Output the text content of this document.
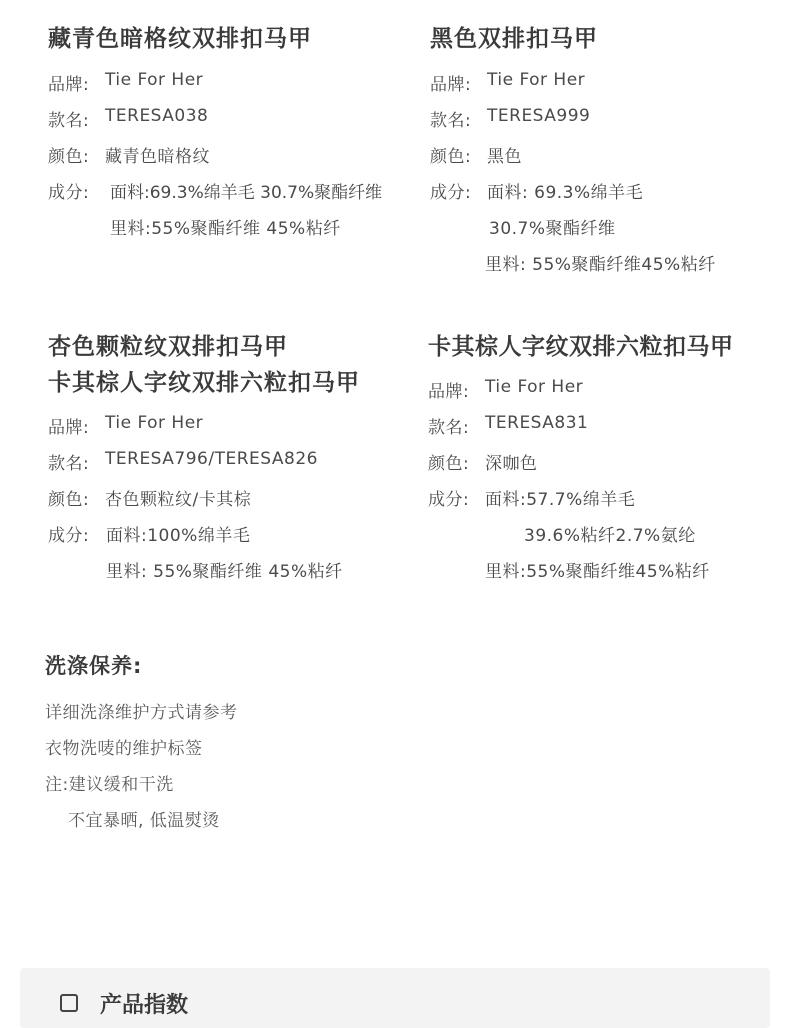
藏青色暗格纹双排扣马甲
品牌: Tie For Her
款名: TERESA038
颜色: 藏青色暗格纹
成分: 面料:69.3%绵羊毛 30.7%聚酯纤维
里料:55%聚酯纤维 45%粘纤
黑色双排扣马甲
品牌: Tie For Her
款名: TERESA999
颜色: 黑色
成分: 面料: 69.3%绵羊毛
30.7%聚酯纤维
里料: 55%聚酯纤维45%粘纤
杏色颗粒纹双排扣马甲
卡其棕人字纹双排六粒扣马甲
品牌: Tie For Her
款名: TERESA796/TERESA826
颜色: 杏色颗粒纹/卡其棕
成分: 面料:100%绵羊毛
里料: 55%聚酯纤维 45%粘纤
卡其棕人字纹双排六粒扣马甲
品牌: Tie For Her
款名: TERESA831
颜色: 深咖色
成分: 面料:57.7%绵羊毛
39.6%粘纤2.7%氨纶
里料:55%聚酯纤维45%粘纤
洗涤保养:
详细洗涤维护方式请参考
衣物洗唛的维护标签
注:建议缓和干洗
不宜暴晒, 低温熨烫
产品指数
